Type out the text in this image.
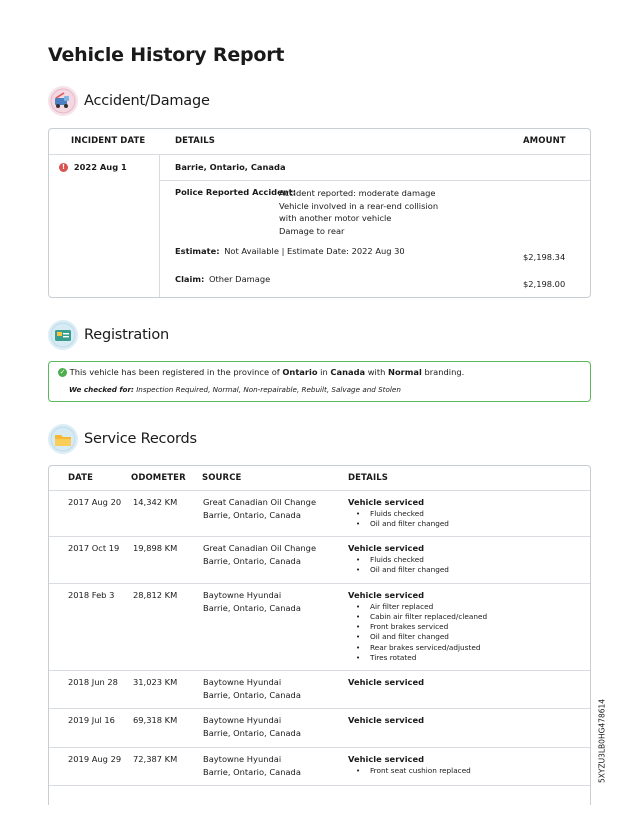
Vehicle History Report
Accident/Damage
INCIDENT DATE	DETAILS	AMOUNT
! 2022 Aug 1	Barrie, Ontario, Canada
Police Reported Accident:
Accident reported: moderate damage
Vehicle involved in a rear-end collision
with another motor vehicle
Damage to rear
Estimate: Not Available | Estimate Date: 2022 Aug 30
$2,198.34
Claim: Other Damage	$2,198.00
Registration
✓ This vehicle has been registered in the province of Ontario in Canada with Normal branding.
We checked for: Inspection Required, Normal, Non-repairable, Rebuilt, Salvage and Stolen
Service Records
DATE	ODOMETER SOURCE	DETAILS
2017 Aug 20 14,342 KM	Great Canadian Oil Change
Barrie, Ontario, Canada
Vehicle serviced
• Fluids checked
• Oil and filter changed
2017 Oct 19 19,898 KM	Great Canadian Oil Change
Barrie, Ontario, Canada
Vehicle serviced
• Fluids checked
• Oil and filter changed
2018 Feb 3 28,812 KM	Baytowne Hyundai
Barrie, Ontario, Canada
Vehicle serviced
• Air filter replaced
• Cabin air filter replaced/cleaned
• Front brakes serviced
• Oil and filter changed
• Rear brakes serviced/adjusted
• Tires rotated
2018 Jun 28 31,023 KM	Baytowne Hyundai
Barrie, Ontario, Canada
Vehicle serviced
2019 Jul 16 69,318 KM	Baytowne Hyundai
Barrie, Ontario, Canada
Vehicle serviced
2019 Aug 29 72,387 KM	Baytowne Hyundai
Barrie, Ontario, Canada
Vehicle serviced
• Front seat cushion replaced	5XYZU3LB0HG478614
